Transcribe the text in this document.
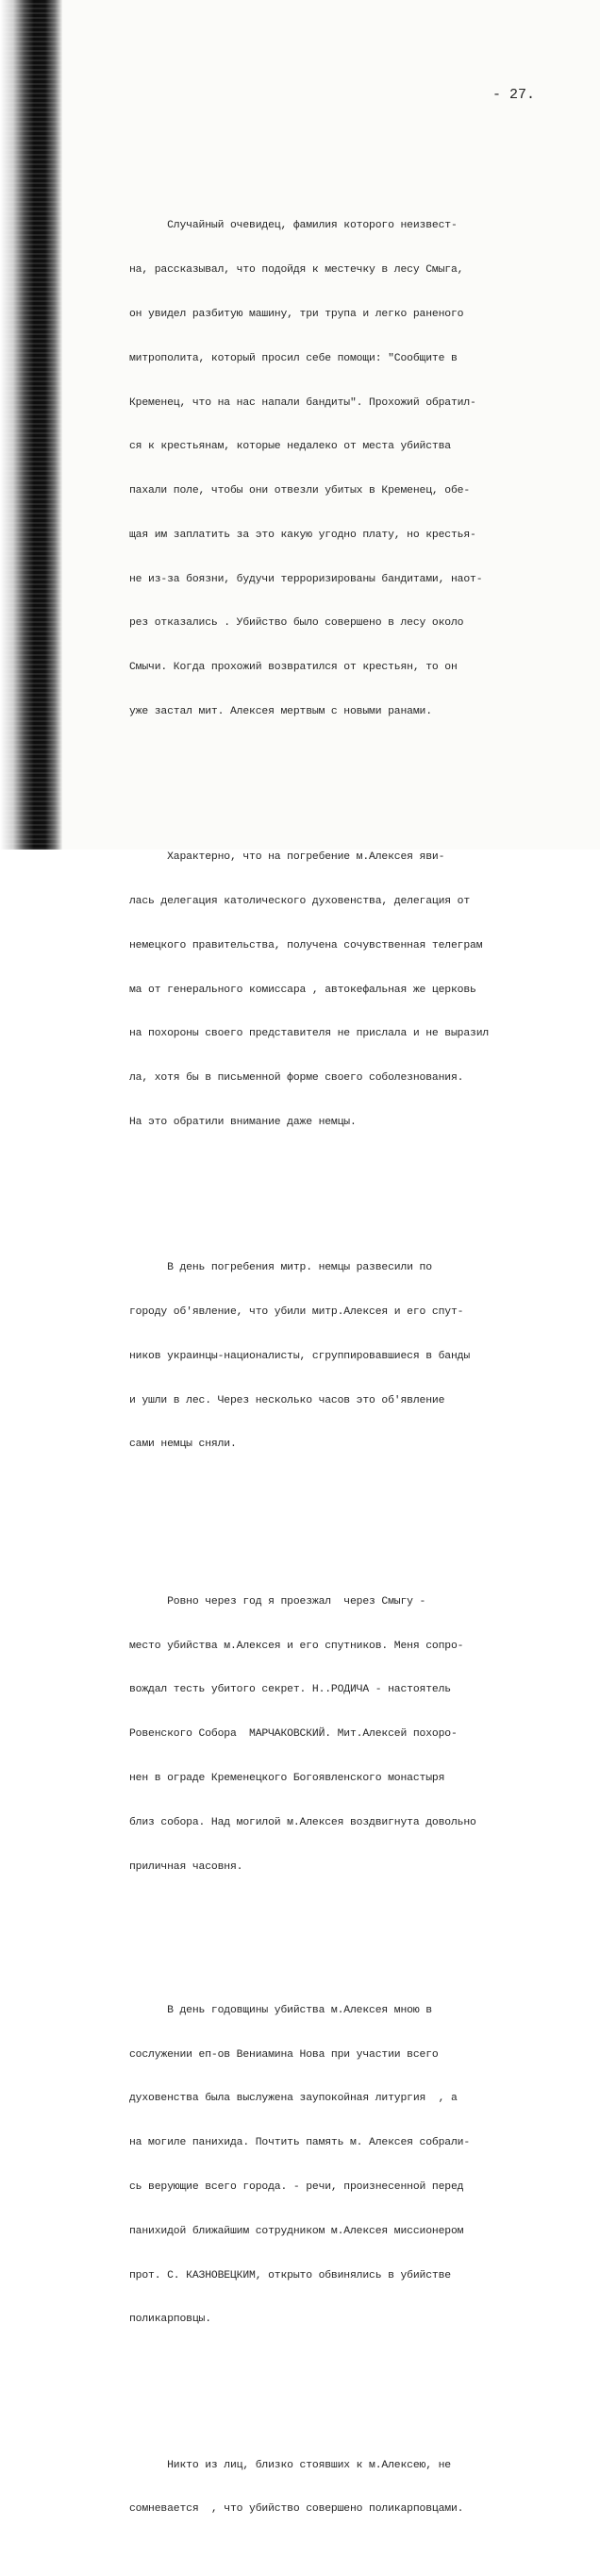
- 27.

Случайный очевидец, фамилия которого неизвест-

на, рассказывал, что подойдя к местечку в лесу Смыга,

он увидел разбитую машину, три трупа и легко раненого

митрополита, который просил себе помощи: "Сообщите в

Кременец, что на нас напали бандиты". Прохожий обратил-

ся к крестьянам, которые недалеко от места убийства

пахали поле, чтобы они отвезли убитых в Кременец, обе-

щая им заплатить за это какую угодно плату, но крестья-

не из-за боязни, будучи терроризированы бандитами, наот-

рез отказались . Убийство было совершено в лесу около

Смычи. Когда прохожий возвратился от крестьян, то он

уже застал мит. Алексея мертвым с новыми ранами.

Характерно, что на погребение м.Алексея яви-

лась делегация католического духовенства, делегация от

немецкого правительства, получена сочувственная телеграм

ма от генерального комиссара , автокефальная же церковь

на похороны своего представителя не прислала и не выразил

ла, хотя бы в письменной форме своего соболезнования.

На это обратили внимание даже немцы.

В день погребения митр. немцы развесили по

городу об'явление, что убили митр.Алексея и его спут-

ников украинцы-националисты, сгруппировавшиеся в банды

и ушли в лес. Через несколько часов это об'явление

сами немцы сняли.

Ровно через год я проезжал  через Смыгу -

место убийства м.Алексея и его спутников. Меня сопро-

вождал тесть убитого секрет. Н..РОДИЧА - настоятель

Ровенского Собора  МАРЧАКОВСКИЙ. Мит.Алексей похоро-

нен в ограде Кременецкого Богоявленского монастыря

близ собора. Над могилой м.Алексея воздвигнута довольно

приличная часовня.

В день годовщины убийства м.Алексея мною в

сослужении еп-ов Вениамина Нова при участии всего

духовенства была выслужена заупокойная литургия  , а

на могиле панихида. Почтить память м. Алексея собрали-

сь верующие всего города. - речи, произнесенной перед

панихидой ближайшим сотрудником м.Алексея миссионером

прот. С. КАЗНОВЕЦКИМ, открыто обвинялись в убийстве

поликарповцы.

Никто из лиц, близко стоявших к м.Алексею, не

сомневается  , что убийство совершено поликарповцами.
